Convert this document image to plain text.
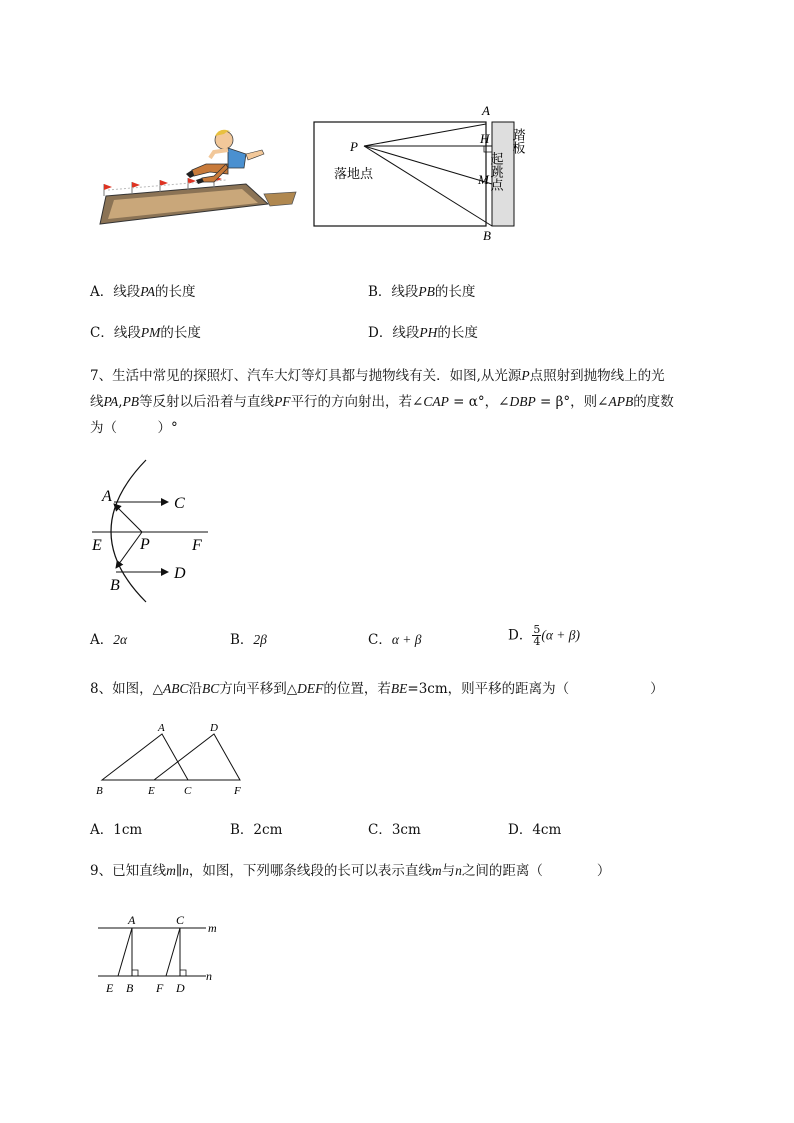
A
H
M
B
P
落地点	起跳点
踏板
A．线段PA的长度	B．线段PB的长度
C．线段PM的长度	D．线段PH的长度
7、生活中常见的探照灯、汽车大灯等灯具都与抛物线有关．如图,从光源P点照射到抛物线上的光
线PA,PB等反射以后沿着与直线PF平行的方向射出，若∠CAP = α°，∠DBP = β°，则∠APB的度数
为（　　　）°
A	C
E P	F
B
D
A．2α	B．2β	C．α + β	D． $\frac{5}{4} (\alpha + \beta)$
8、如图，△ABC沿BC方向平移到△DEF的位置，若BE=3cm，则平移的距离为（　　　　　　）
A	D
B	E	C	F
A．1cm	B．2cm	C．3cm	D．4cm
9、已知直线m∥n，如图，下列哪条线段的长可以表示直线m与n之间的距离（　　　　）
A	C
m
n
E B F D
